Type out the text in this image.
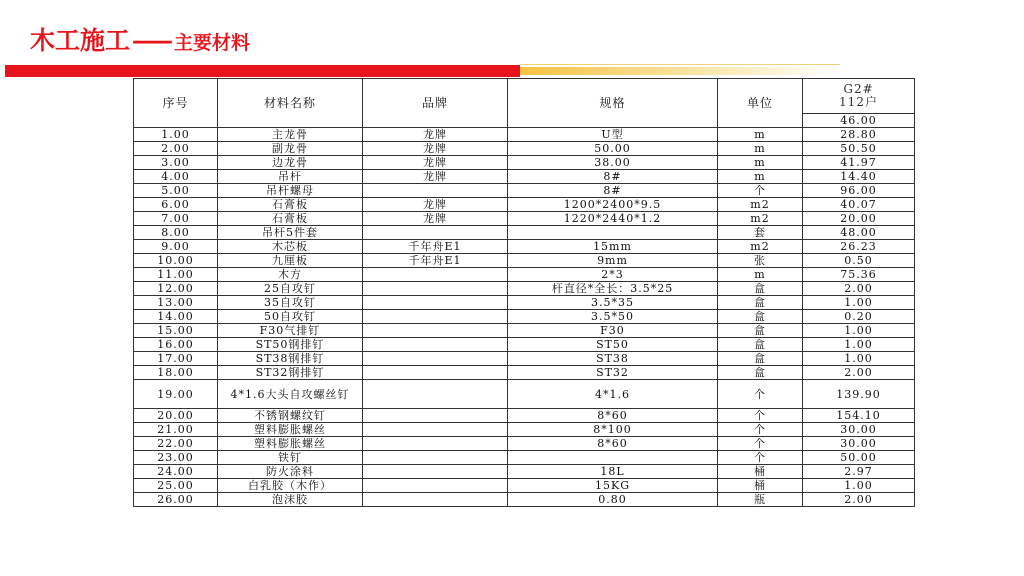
木工施工 —— 主要材料
序号	材料名称	品牌	规格	单位	G2#
112户

					46.00
1.00	主龙骨	龙牌	U型	m	28.80
2.00	副龙骨	龙牌	50.00	m	50.50
3.00	边龙骨	龙牌	38.00	m	41.97
4.00	吊杆	龙牌	8#	m	14.40
5.00	吊杆螺母		8#	个	96.00
6.00	石膏板	龙牌	1200*2400*9.5	m2	40.07
7.00	石膏板	龙牌	1220*2440*1.2	m2	20.00
8.00	吊杆5件套			套	48.00
9.00	木芯板	千年舟E1	15mm	m2	26.23
10.00	九厘板	千年舟E1	9mm	张	0.50
11.00	木方		2*3	m	75.36
12.00	25自攻钉		杆直径*全长：3.5*25	盒	2.00
13.00	35自攻钉		3.5*35	盒	1.00
14.00	50自攻钉		3.5*50	盒	0.20
15.00	F30气排钉		F30	盒	1.00
16.00	ST50钢排钉		ST50	盒	1.00
17.00	ST38钢排钉		ST38	盒	1.00
18.00	ST32钢排钉		ST32	盒	2.00
19.00	4*1.6大头自攻螺丝钉		4*1.6	个	139.90
20.00	不锈钢螺纹钉		8*60	个	154.10
21.00	塑料膨胀螺丝		8*100	个	30.00
22.00	塑料膨胀螺丝		8*60	个	30.00
23.00	铁钉			个	50.00
24.00	防火涂料		18L	桶	2.97
25.00	白乳胶（木作）		15KG	桶	1.00
26.00	泡沫胶		0.80	瓶	2.00
